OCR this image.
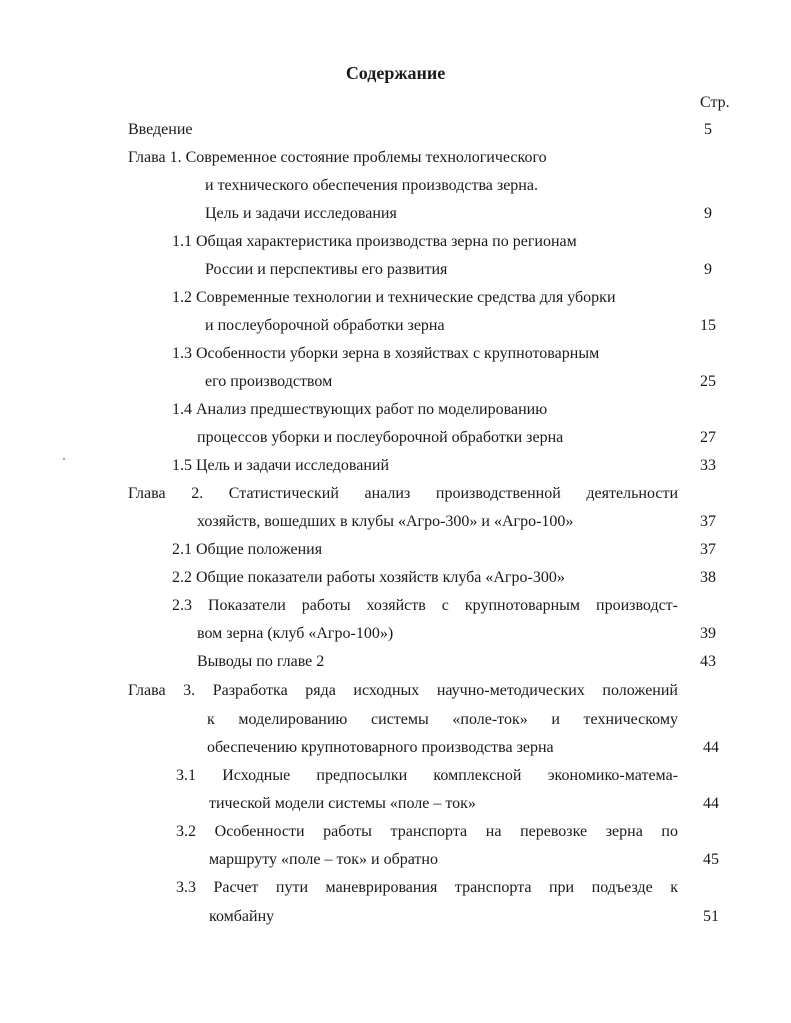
Содержание
Стр.
Введение	5
Глава 1. Современное состояние проблемы технологического
и технического обеспечения производства зерна.
Цель и задачи исследования	9
1.1 Общая характеристика производства зерна по регионам
России и перспективы его развития	9
1.2 Современные технологии и технические средства для уборки
и послеуборочной обработки зерна	15
1.3 Особенности уборки зерна в хозяйствах с крупнотоварным
его производством	25
1.4 Анализ предшествующих работ по моделированию
процессов уборки и послеуборочной обработки зерна	27
1.5 Цель и задачи исследований	33
Глава 2. Статистический анализ производственной деятельности
хозяйств, вошедших в клубы «Агро-300» и «Агро-100»	37
2.1 Общие положения	37
2.2 Общие показатели работы хозяйств клуба «Агро-300»	38
2.3 Показатели работы хозяйств с крупнотоварным производст-
вом зерна (клуб «Агро-100»)	39
Выводы по главе 2	43
Глава 3. Разработка ряда исходных научно-методических положений
к моделированию системы «поле-ток» и техническому
обеспечению крупнотоварного производства зерна	44
3.1 Исходные предпосылки комплексной экономико-матема-
тической модели системы «поле – ток»	44
3.2 Особенности работы транспорта на перевозке зерна по
маршруту «поле – ток» и обратно	45
3.3 Расчет пути маневрирования транспорта при подъезде к
комбайну	51
